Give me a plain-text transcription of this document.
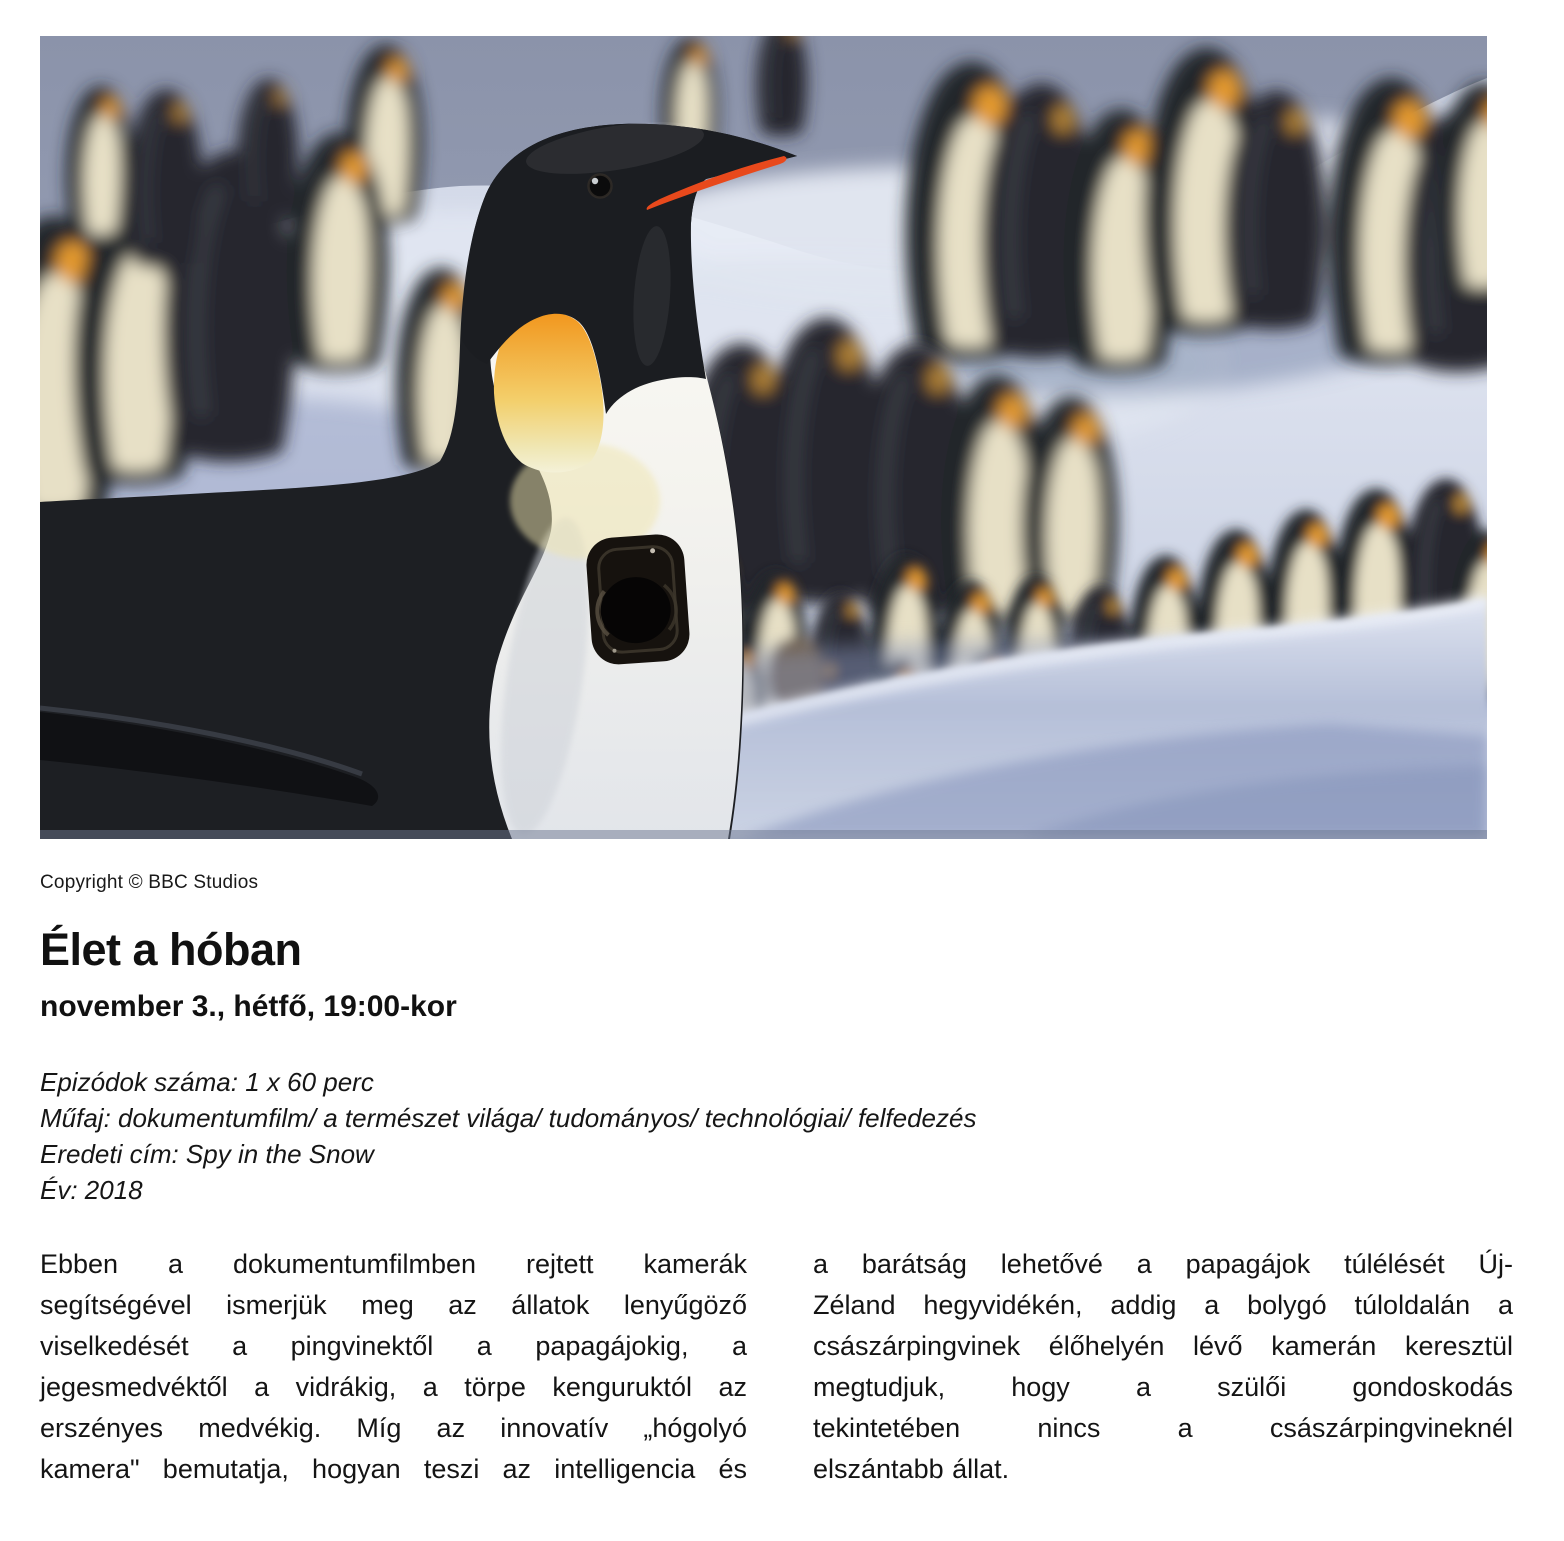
Copyright © BBC Studios
Élet a hóban
november 3., hétfő, 19:00-kor
Epizódok száma: 1 x 60 perc
Műfaj: dokumentumfilm/ a természet világa/ tudományos/ technológiai/ felfedezés
Eredeti cím: Spy in the Snow
Év: 2018
Ebben a dokumentumfilmben rejtett kamerák
segítségével ismerjük meg az állatok lenyűgöző
viselkedését a pingvinektől a papagájokig, a
jegesmedvéktől a vidrákig, a törpe kenguruktól az
erszényes medvékig. Míg az innovatív „hógolyó
kamera" bemutatja, hogyan teszi az intelligencia és
a barátság lehetővé a papagájok túlélését Új-
Zéland hegyvidékén, addig a bolygó túloldalán a
császárpingvinek élőhelyén lévő kamerán keresztül
megtudjuk, hogy a szülői gondoskodás
tekintetében nincs a császárpingvineknél
elszántabb állat.
